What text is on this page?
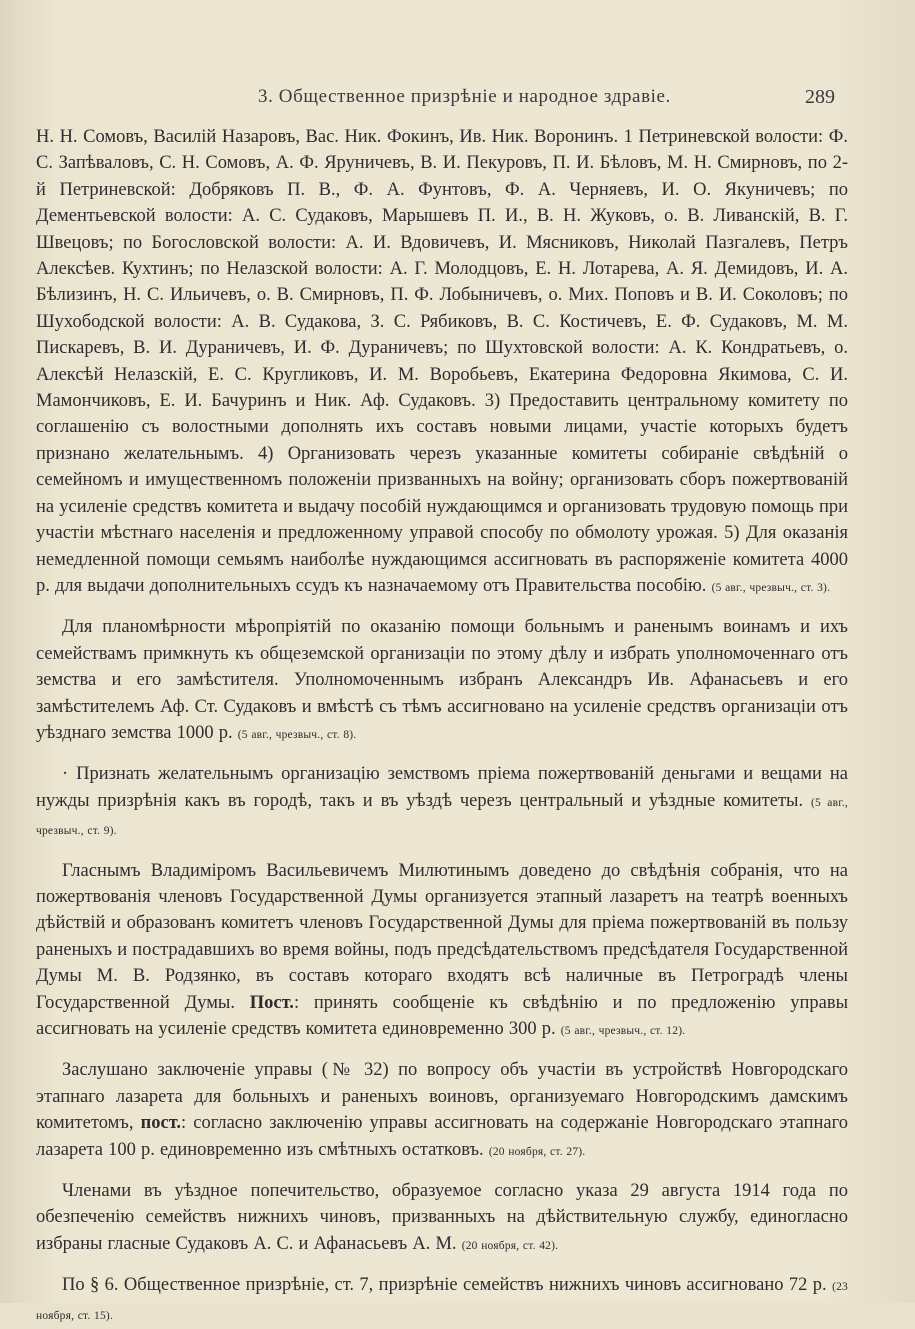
3. Общественное призрѣніе и народное здравіе.	289

Н. Н. Сомовъ, Василій Назаровъ, Вас. Ник. Фокинъ, Ив. Ник. Воронинъ. 1 Петриневской волости: Ф. С. Запѣваловъ, С. Н. Сомовъ, А. Ф. Яруничевъ, В. И. Пекуровъ, П. И. Бѣловъ, М. Н. Смирновъ, по 2-й Петриневской: Добряковъ П. В., Ф. А. Фунтовъ, Ф. А. Черняевъ, И. О. Якуничевъ; по Дементьевской волости: А. С. Судаковъ, Марышевъ П. И., В. Н. Жуковъ, о. В. Ливанскій, В. Г. Швецовъ; по Богословской волости: А. И. Вдовичевъ, И. Мясниковъ, Николай Пазгалевъ, Петръ Алексѣев. Кухтинъ; по Нелазской волости: А. Г. Молодцовъ, Е. Н. Лотарева, А. Я. Демидовъ, И. А. Бѣлизинъ, Н. С. Ильичевъ, о. В. Смирновъ, П. Ф. Лобыничевъ, о. Мих. Поповъ и В. И. Соколовъ; по Шухободской волости: А. В. Судакова, З. С. Рябиковъ, В. С. Костичевъ, Е. Ф. Судаковъ, М. М. Пискаревъ, В. И. Дураничевъ, И. Ф. Дураничевъ; по Шухтовской волости: А. К. Кондратьевъ, о. Алексѣй Нелазскій, Е. С. Кругликовъ, И. М. Воробьевъ, Екатерина Федоровна Якимова, С. И. Мамончиковъ, Е. И. Бачуринъ и Ник. Аф. Судаковъ. 3) Предоставить центральному комитету по соглашенію съ волостными дополнять ихъ составъ новыми лицами, участіе которыхъ будетъ признано желательнымъ. 4) Организовать черезъ указанные комитеты собираніе свѣдѣній о семейномъ и имущественномъ положеніи призванныхъ на войну; организовать сборъ пожертвованій на усиленіе средствъ комитета и выдачу пособій нуждающимся и организовать трудовую помощь при участіи мѣстнаго населенія и предложенному управой способу по обмолоту урожая. 5) Для оказанія немедленной помощи семьямъ наиболѣе нуждающимся ассигновать въ распоряженіе комитета 4000 р. для выдачи дополнительныхъ ссудъ къ назначаемому отъ Правительства пособію. (5 авг., чрезвыч., ст. 3).

Для планомѣрности мѣропріятій по оказанію помощи больнымъ и раненымъ воинамъ и ихъ семействамъ примкнуть къ общеземской организаціи по этому дѣлу и избрать уполномоченнаго отъ земства и его замѣстителя. Уполномоченнымъ избранъ Александръ Ив. Афанасьевъ и его замѣстителемъ Аф. Ст. Судаковъ и вмѣстѣ съ тѣмъ ассигновано на усиленіе средствъ организаціи отъ уѣзднаго земства 1000 р. (5 авг., чрезвыч., ст. 8).

· Признать желательнымъ организацію земствомъ пріема пожертвованій деньгами и вещами на нужды призрѣнія какъ въ городѣ, такъ и въ уѣздѣ черезъ центральный и уѣздные комитеты. (5 авг., чрезвыч., ст. 9).

Гласнымъ Владиміромъ Васильевичемъ Милютинымъ доведено до свѣдѣнія собранія, что на пожертвованія членовъ Государственной Думы организуется этапный лазаретъ на театрѣ военныхъ дѣйствій и образованъ комитетъ членовъ Государственной Думы для пріема пожертвованій въ пользу раненыхъ и пострадавшихъ во время войны, подъ предсѣдательствомъ предсѣдателя Государственной Думы М. В. Родзянко, въ составъ котораго входятъ всѣ наличные въ Петроградѣ члены Государственной Думы. Пост.: принять сообщеніе къ свѣдѣнію и по предложенію управы ассигновать на усиленіе средствъ комитета единовременно 300 р. (5 авг., чрезвыч., ст. 12).

Заслушано заключеніе управы (№ 32) по вопросу объ участіи въ устройствѣ Новгородскаго этапнаго лазарета для больныхъ и раненыхъ воиновъ, организуемаго Новгородскимъ дамскимъ комитетомъ, пост.: согласно заключенію управы ассигновать на содержаніе Новгородскаго этапнаго лазарета 100 р. единовременно изъ смѣтныхъ остатковъ. (20 ноября, ст. 27).

Членами въ уѣздное попечительство, образуемое согласно указа 29 августа 1914 года по обезпеченію семействъ нижнихъ чиновъ, призванныхъ на дѣйствительную службу, единогласно избраны гласные Судаковъ А. С. и Афанасьевъ А. М. (20 ноября, ст. 42).

По § 6. Общественное призрѣніе, ст. 7, призрѣніе семействъ нижнихъ чиновъ ассигновано 72 р. (23 ноября, ст. 15).
